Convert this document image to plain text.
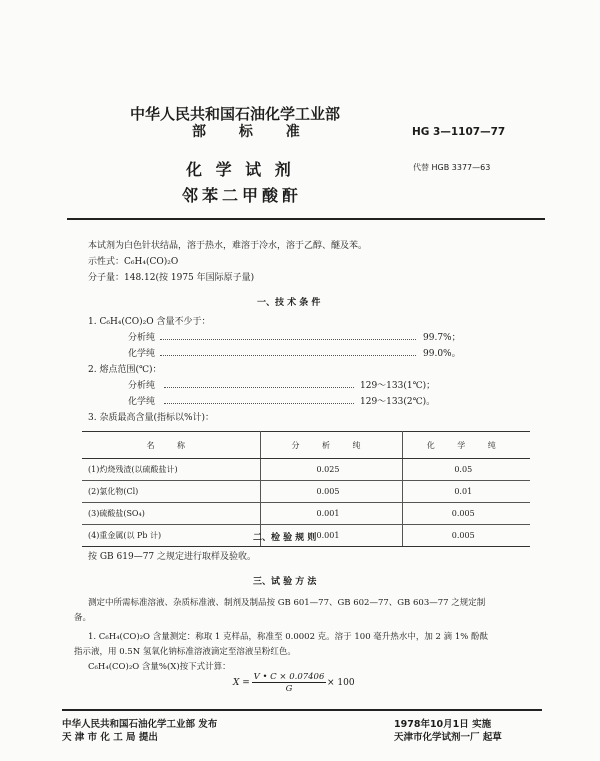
中华人民共和国石油化学工业部
部 标 准	HG 3—1107—77
化 学 试 剂	代替 HGB 3377—63
邻苯二甲酸酐
本试剂为白色针状结晶，溶于热水，难溶于冷水，溶于乙醇、醚及苯。
示性式：C₆H₄(CO)₂O
分子量：148.12(按 1975 年国际原子量)
一、技 术 条 件
1. C₆H₄(CO)₂O 含量不少于：
分析纯	99.7%；
化学纯	99.0%。
2. 熔点范围(℃)：
分析纯	129～133(1℃)；
化学纯	129～133(2℃)。
3. 杂质最高含量(指标以%计)：
名 称	分 析 纯	化 学 纯
(1)灼烧残渣(以硫酸盐计)	0.025	0.05
(2)氯化物(Cl)	0.005	0.01
(3)硫酸盐(SO₄)	0.001	0.005
(4)重金属(以 Pb 计)	0.001	0.005
二、检 验 规 则
按 GB 619—77 之规定进行取样及验收。
三、试 验 方 法
测定中所需标准溶液、杂质标准液、制剂及制品按 GB 601—77、GB 602—77、GB 603—77 之规定制
备。
1. C₆H₄(CO)₂O 含量测定：称取 1 克样品，称准至 0.0002 克。溶于 100 毫升热水中，加 2 滴 1% 酚酞
指示液，用 0.5N 氢氧化钠标准溶液滴定至溶液呈粉红色。
C₆H₄(CO)₂O 含量%(X)按下式计算：
X =
V • C × 0.07406
G
× 100
中华人民共和国石油化学工业部 发布
天 津 市 化 工 局 提出
1978年10月1日 实施
天津市化学试剂一厂 起草
